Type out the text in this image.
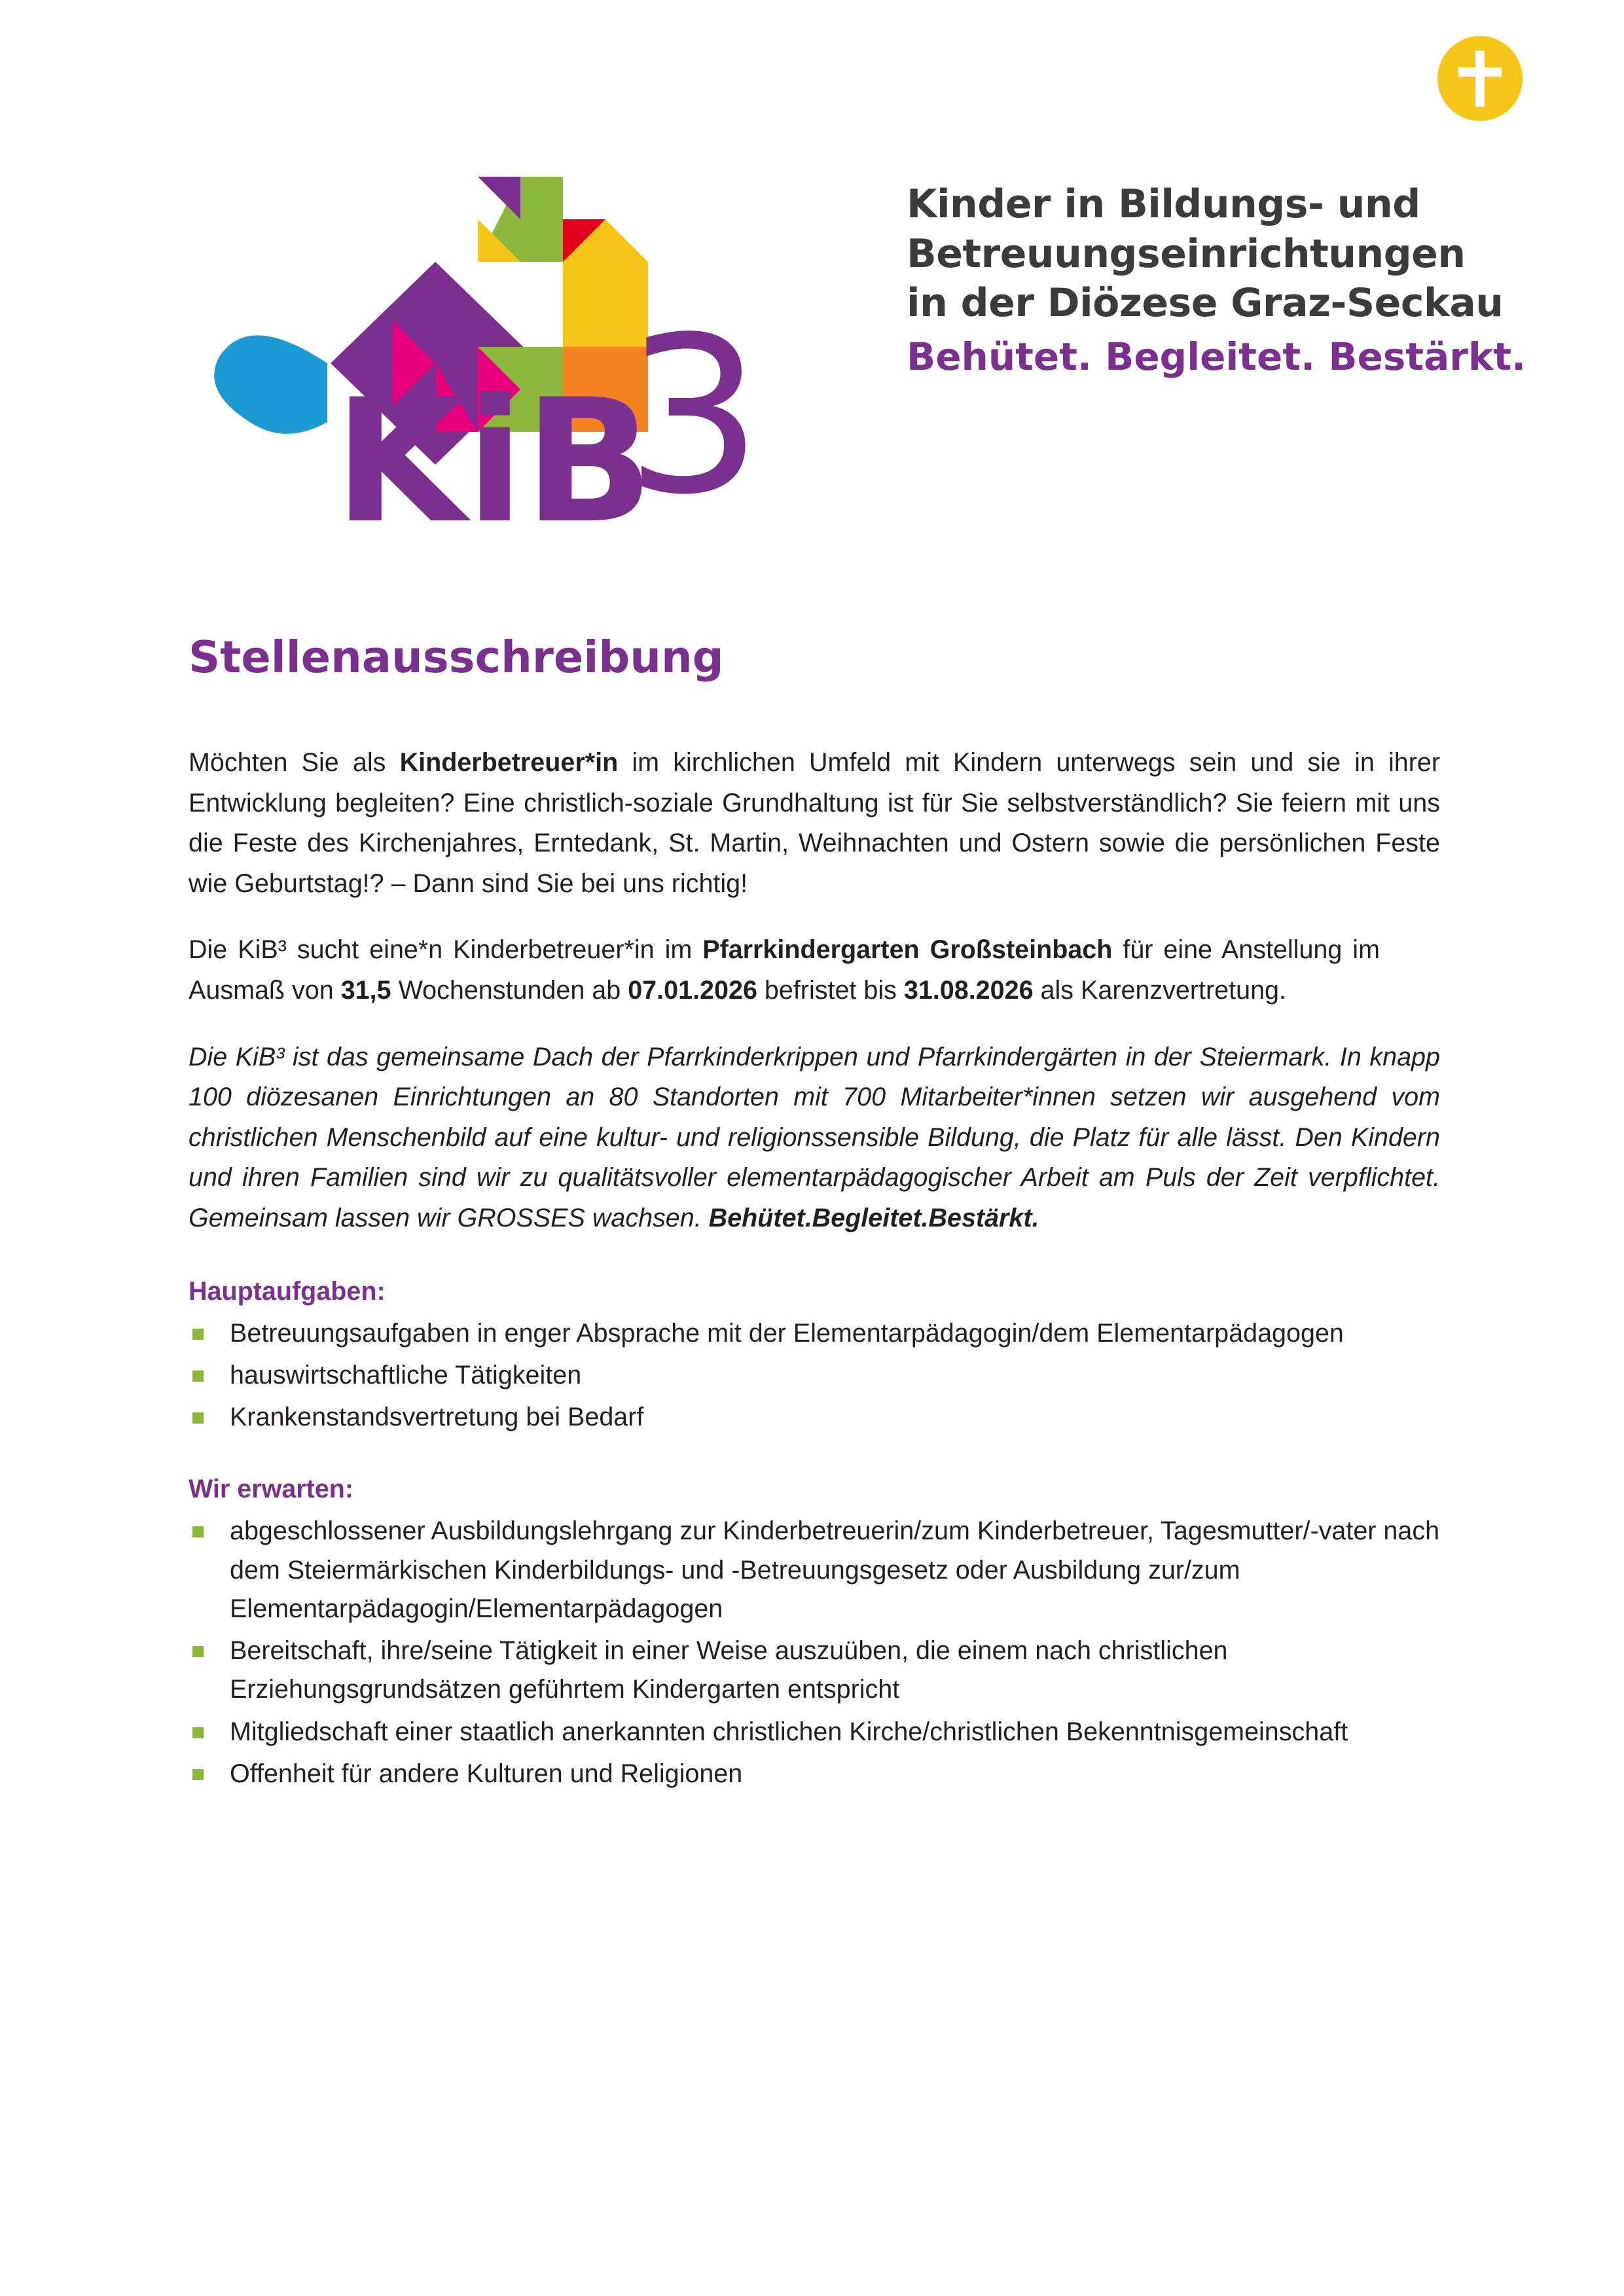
KiB
3
Kinder in Bildungs- und
Betreuungseinrichtungen
in der Diözese Graz-Seckau
Behütet. Begleitet. Bestärkt.
Stellenausschreibung

Möchten Sie als Kinderbetreuer*in im kirchlichen Umfeld mit Kindern unterwegs sein und sie in ihrer Entwicklung begleiten? Eine christlich-soziale Grundhaltung ist für Sie selbstverständlich? Sie feiern mit uns die Feste des Kirchenjahres, Erntedank, St. Martin, Weihnachten und Ostern sowie die persönlichen Feste wie Geburtstag!? – Dann sind Sie bei uns richtig!

Die KiB³ sucht eine*n Kinderbetreuer*in im Pfarrkindergarten Großsteinbach für eine Anstellung im Ausmaß von 31,5 Wochenstunden ab 07.01.2026 befristet bis 31.08.2026 als Karenzvertretung.

Die KiB³ ist das gemeinsame Dach der Pfarrkinderkrippen und Pfarrkindergärten in der Steiermark. In knapp 100 diözesanen Einrichtungen an 80 Standorten mit 700 Mitarbeiter*innen setzen wir ausgehend vom christlichen Menschenbild auf eine kultur- und religionssensible Bildung, die Platz für alle lässt. Den Kindern und ihren Familien sind wir zu qualitätsvoller elementarpädagogischer Arbeit am Puls der Zeit verpflichtet. Gemeinsam lassen wir GROSSES wachsen. Behütet.Begleitet.Bestärkt.

Hauptaufgaben:
Betreuungsaufgaben in enger Absprache mit der Elementarpädagogin/dem Elementarpädagogen
hauswirtschaftliche Tätigkeiten
Krankenstandsvertretung bei Bedarf
Wir erwarten:
abgeschlossener Ausbildungslehrgang zur Kinderbetreuerin/zum Kinderbetreuer, Tagesmutter/-vater nach dem Steiermärkischen Kinderbildungs- und -Betreuungsgesetz oder Ausbildung zur/zum Elementarpädagogin/Elementarpädagogen
Bereitschaft, ihre/seine Tätigkeit in einer Weise auszuüben, die einem nach christlichen Erziehungsgrundsätzen geführtem Kindergarten entspricht
Mitgliedschaft einer staatlich anerkannten christlichen Kirche/christlichen Bekenntnisgemeinschaft
Offenheit für andere Kulturen und Religionen
